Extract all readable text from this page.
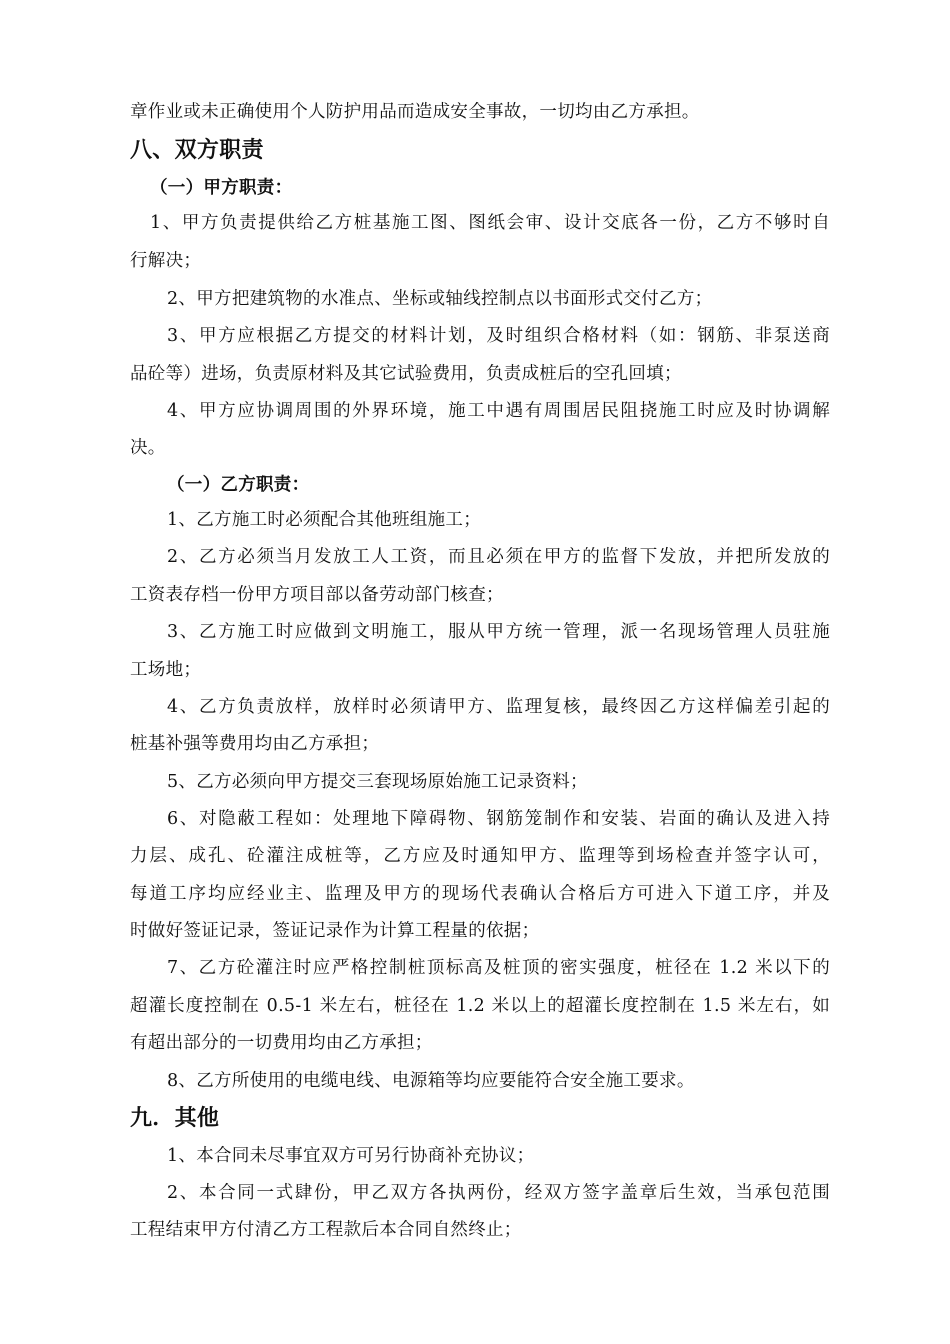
章作业或未正确使用个人防护用品而造成安全事故，一切均由乙方承担。
八、双方职责
（一）甲方职责：
1、甲方负责提供给乙方桩基施工图、图纸会审、设计交底各一份，乙方不够时自
行解决；
2、甲方把建筑物的水准点、坐标或轴线控制点以书面形式交付乙方；
3、甲方应根据乙方提交的材料计划，及时组织合格材料（如：钢筋、非泵送商
品砼等）进场，负责原材料及其它试验费用，负责成桩后的空孔回填；
4、甲方应协调周围的外界环境，施工中遇有周围居民阻挠施工时应及时协调解
决。
（一）乙方职责：
1、乙方施工时必须配合其他班组施工；
2、乙方必须当月发放工人工资，而且必须在甲方的监督下发放，并把所发放的
工资表存档一份甲方项目部以备劳动部门核查；
3、乙方施工时应做到文明施工，服从甲方统一管理，派一名现场管理人员驻施
工场地；
4、乙方负责放样，放样时必须请甲方、监理复核，最终因乙方这样偏差引起的
桩基补强等费用均由乙方承担；
5、乙方必须向甲方提交三套现场原始施工记录资料；
6、对隐蔽工程如：处理地下障碍物、钢筋笼制作和安装、岩面的确认及进入持
力层、成孔、砼灌注成桩等，乙方应及时通知甲方、监理等到场检查并签字认可，
每道工序均应经业主、监理及甲方的现场代表确认合格后方可进入下道工序，并及
时做好签证记录，签证记录作为计算工程量的依据；
7、乙方砼灌注时应严格控制桩顶标高及桩顶的密实强度，桩径在 1.2 米以下的
超灌长度控制在 0.5-1 米左右，桩径在 1.2 米以上的超灌长度控制在 1.5 米左右，如
有超出部分的一切费用均由乙方承担；
8、乙方所使用的电缆电线、电源箱等均应要能符合安全施工要求。
九．其他
1、本合同未尽事宜双方可另行协商补充协议；
2、本合同一式肆份，甲乙双方各执两份，经双方签字盖章后生效，当承包范围
工程结束甲方付清乙方工程款后本合同自然终止；
